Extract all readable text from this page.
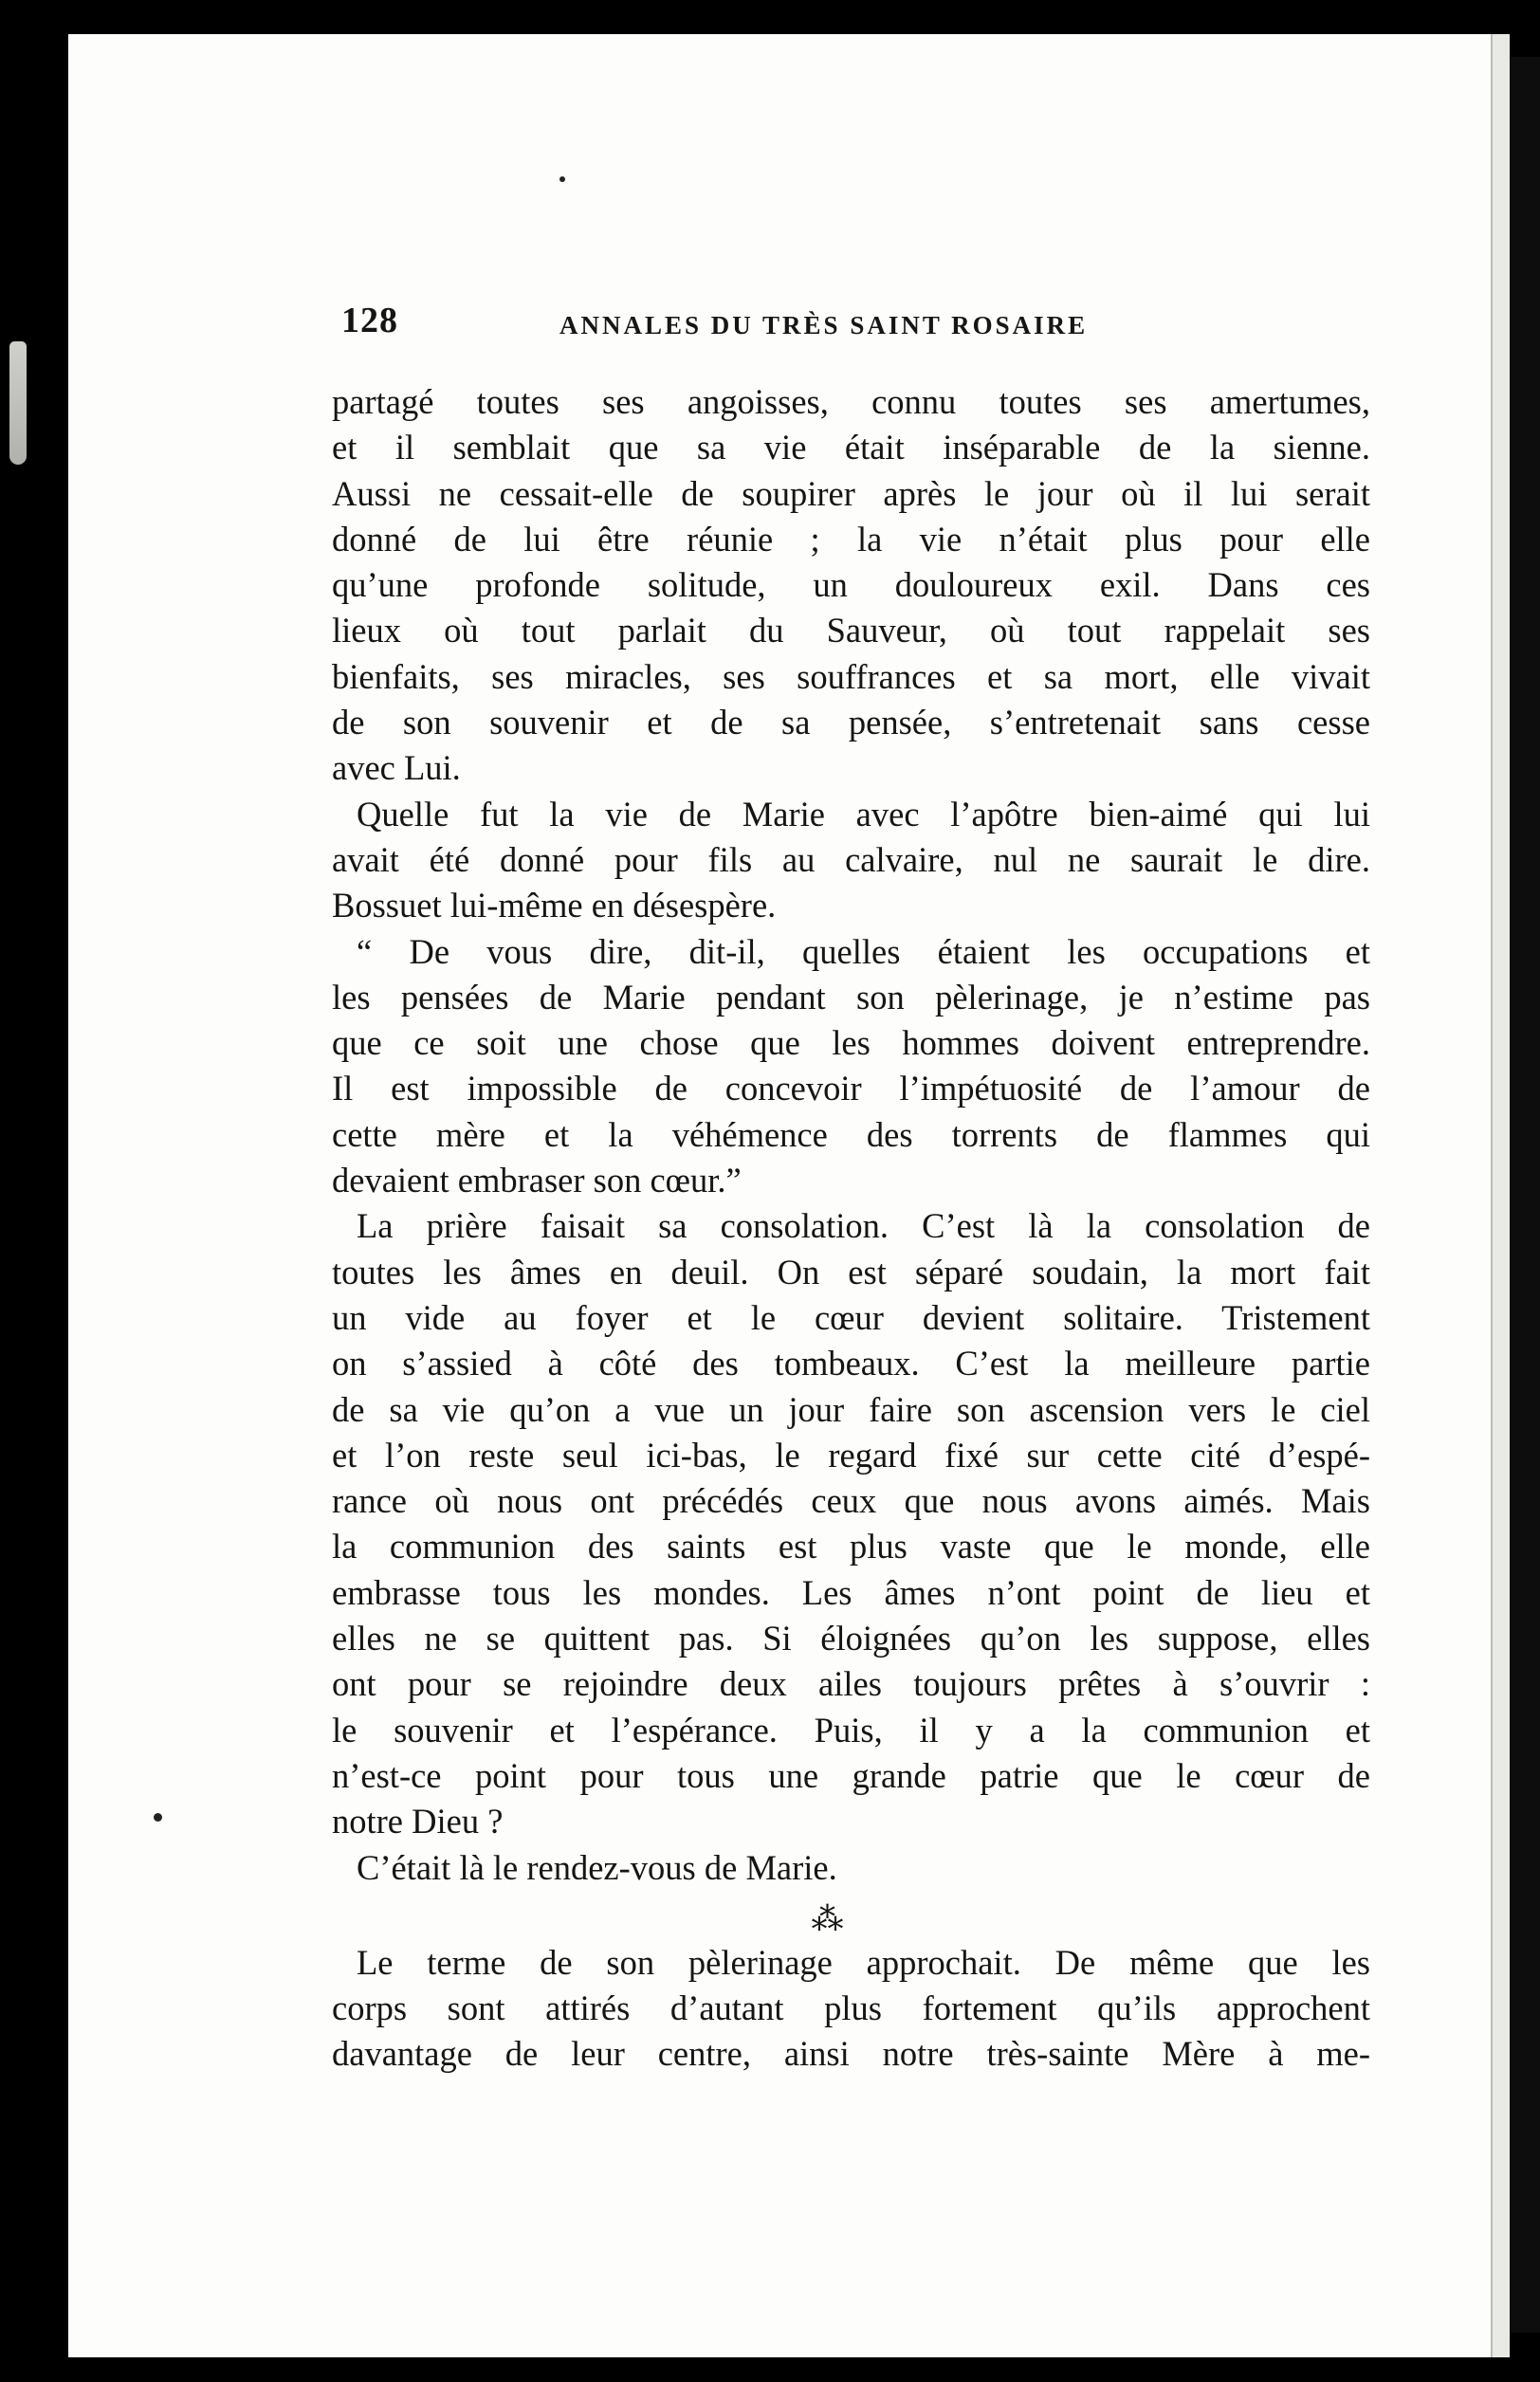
128	ANNALES DU TRÈS SAINT ROSAIRE
partagé toutes ses angoisses, connu toutes ses amertumes,
et il semblait que sa vie était inséparable de la sienne.
Aussi ne cessait-elle de soupirer après le jour où il lui serait
donné de lui être réunie ; la vie n’était plus pour elle
qu’une profonde solitude, un douloureux exil. Dans ces
lieux où tout parlait du Sauveur, où tout rappelait ses
bienfaits, ses miracles, ses souffrances et sa mort, elle vivait
de son souvenir et de sa pensée, s’entretenait sans cesse
avec Lui.
Quelle fut la vie de Marie avec l’apôtre bien-aimé qui lui
avait été donné pour fils au calvaire, nul ne saurait le dire.
Bossuet lui-même en désespère.
“ De vous dire, dit-il, quelles étaient les occupations et
les pensées de Marie pendant son pèlerinage, je n’estime pas
que ce soit une chose que les hommes doivent entreprendre.
Il est impossible de concevoir l’impétuosité de l’amour de
cette mère et la véhémence des torrents de flammes qui
devaient embraser son cœur.”
La prière faisait sa consolation. C’est là la consolation de
toutes les âmes en deuil. On est séparé soudain, la mort fait
un vide au foyer et le cœur devient solitaire. Tristement
on s’assied à côté des tombeaux. C’est la meilleure partie
de sa vie qu’on a vue un jour faire son ascension vers le ciel
et l’on reste seul ici-bas, le regard fixé sur cette cité d’espé-
rance où nous ont précédés ceux que nous avons aimés. Mais
la communion des saints est plus vaste que le monde, elle
embrasse tous les mondes. Les âmes n’ont point de lieu et
elles ne se quittent pas. Si éloignées qu’on les suppose, elles
ont pour se rejoindre deux ailes toujours prêtes à s’ouvrir :
le souvenir et l’espérance. Puis, il y a la communion et
n’est-ce point pour tous une grande patrie que le cœur de
notre Dieu ?
C’était là le rendez-vous de Marie.
⁂
Le terme de son pèlerinage approchait. De même que les
corps sont attirés d’autant plus fortement qu’ils approchent
davantage de leur centre, ainsi notre très-sainte Mère à me-
